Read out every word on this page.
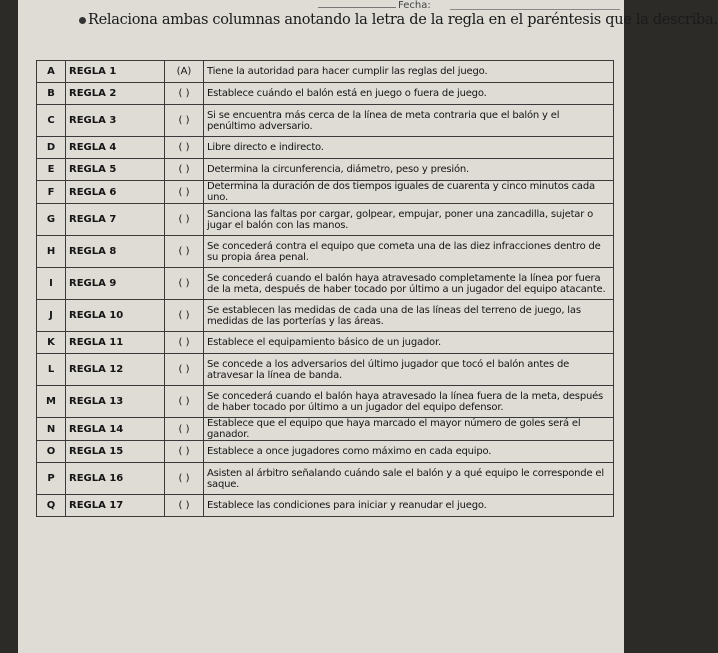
Fecha:
Relaciona ambas columnas anotando la letra de la regla en el paréntesis que la describa.
A	REGLA 1	(A)	Tiene la autoridad para hacer cumplir las reglas del juego.
B	REGLA 2	( )	Establece cuándo el balón está en juego o fuera de juego.
C	REGLA 3	( )	Si se encuentra más cerca de la línea de meta contraria que el balón y el penúltimo adversario.
D	REGLA 4	( )	Libre directo e indirecto.
E	REGLA 5	( )	Determina la circunferencia, diámetro, peso y presión.
F	REGLA 6	( )	Determina la duración de dos tiempos iguales de cuarenta y cinco minutos cada uno.
G	REGLA 7	( )	Sanciona las faltas por cargar, golpear, empujar, poner una zancadilla, sujetar o jugar el balón con las manos.
H	REGLA 8	( )	Se concederá contra el equipo que cometa una de las diez infracciones dentro de su propia área penal.
I	REGLA 9	( )	Se concederá cuando el balón haya atravesado completamente la línea por fuera de la meta, después de haber tocado por último a un jugador del equipo atacante.
J	REGLA 10	( )	Se establecen las medidas de cada una de las líneas del terreno de juego, las medidas de las porterías y las áreas.
K	REGLA 11	( )	Establece el equipamiento básico de un jugador.
L	REGLA 12	( )	Se concede a los adversarios del último jugador que tocó el balón antes de atravesar la línea de banda.
M	REGLA 13	( )	Se concederá cuando el balón haya atravesado la línea fuera de la meta, después de haber tocado por último a un jugador del equipo defensor.
N	REGLA 14	( )	Establece que el equipo que haya marcado el mayor número de goles será el ganador.
O	REGLA 15	( )	Establece a once jugadores como máximo en cada equipo.
P	REGLA 16	( )	Asisten al árbitro señalando cuándo sale el balón y a qué equipo le corresponde el saque.
Q	REGLA 17	( )	Establece las condiciones para iniciar y reanudar el juego.
